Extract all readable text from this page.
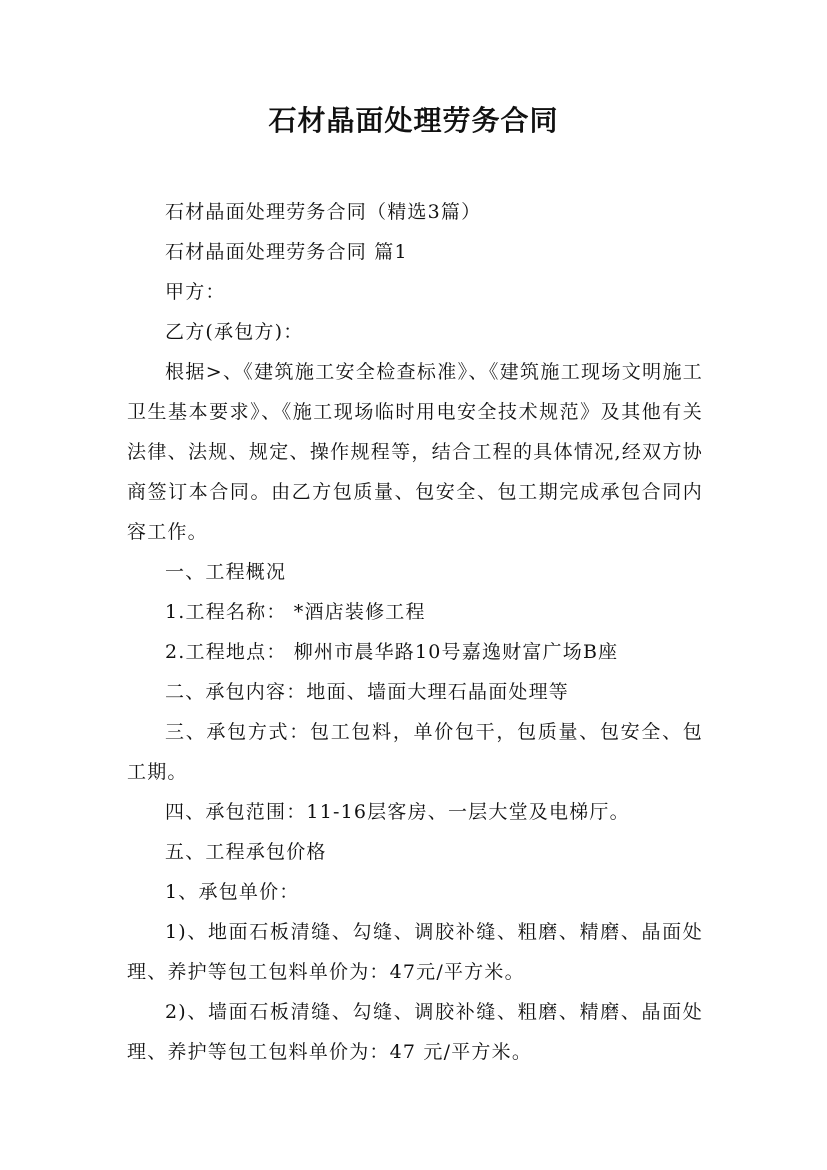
石材晶面处理劳务合同

石材晶面处理劳务合同（精选3篇）

石材晶面处理劳务合同 篇1

甲方：

乙方(承包方)：

根据>、《建筑施工安全检查标准》、《建筑施工现场文明施工卫生基本要求》、《施工现场临时用电安全技术规范》及其他有关法律、法规、规定、操作规程等，结合工程的具体情况,经双方协商签订本合同。由乙方包质量、包安全、包工期完成承包合同内容工作。

一、工程概况

1.工程名称： *酒店装修工程

2.工程地点： 柳州市晨华路10号嘉逸财富广场B座

二、承包内容：地面、墙面大理石晶面处理等

三、承包方式：包工包料，单价包干，包质量、包安全、包工期。

四、承包范围：11-16层客房、一层大堂及电梯厅。

五、工程承包价格

1、承包单价：

1)、地面石板清缝、勾缝、调胶补缝、粗磨、精磨、晶面处理、养护等包工包料单价为：47元/平方米。

2)、墙面石板清缝、勾缝、调胶补缝、粗磨、精磨、晶面处理、养护等包工包料单价为：47 元/平方米。
